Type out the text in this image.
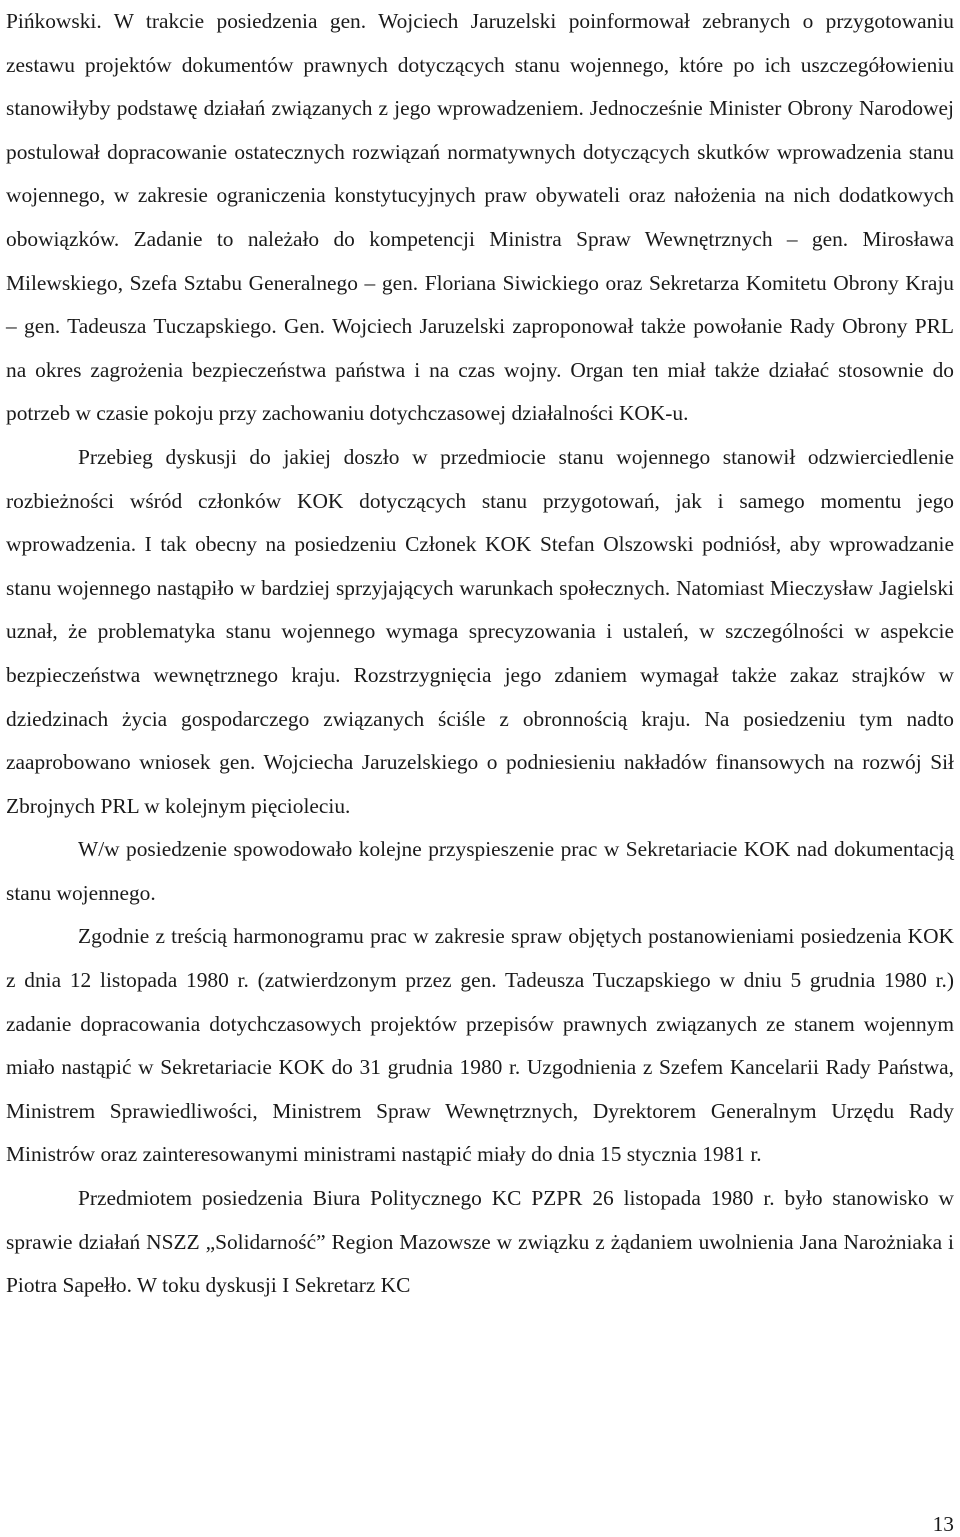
Pińkowski. W trakcie posiedzenia gen. Wojciech Jaruzelski poinformował zebranych o przygotowaniu zestawu projektów dokumentów prawnych dotyczących stanu wojennego, które po ich uszczegółowieniu stanowiłyby podstawę działań związanych z jego wprowadzeniem. Jednocześnie Minister Obrony Narodowej postulował dopracowanie ostatecznych rozwiązań normatywnych dotyczących skutków wprowadzenia stanu wojennego, w zakresie ograniczenia konstytucyjnych praw obywateli oraz nałożenia na nich dodatkowych obowiązków. Zadanie to należało do kompetencji Ministra Spraw Wewnętrznych – gen. Mirosława Milewskiego, Szefa Sztabu Generalnego – gen. Floriana Siwickiego oraz Sekretarza Komitetu Obrony Kraju – gen. Tadeusza Tuczapskiego. Gen. Wojciech Jaruzelski zaproponował także powołanie Rady Obrony PRL na okres zagrożenia bezpieczeństwa państwa i na czas wojny. Organ ten miał także działać stosownie do potrzeb w czasie pokoju przy zachowaniu dotychczasowej działalności KOK-u.

Przebieg dyskusji do jakiej doszło w przedmiocie stanu wojennego stanowił odzwierciedlenie rozbieżności wśród członków KOK dotyczących stanu przygotowań, jak i samego momentu jego wprowadzenia. I tak obecny na posiedzeniu Członek KOK Stefan Olszowski podniósł, aby wprowadzanie stanu wojennego nastąpiło w bardziej sprzyjających warunkach społecznych. Natomiast Mieczysław Jagielski uznał, że problematyka stanu wojennego wymaga sprecyzowania i ustaleń, w szczególności w aspekcie bezpieczeństwa wewnętrznego kraju. Rozstrzygnięcia jego zdaniem wymagał także zakaz strajków w dziedzinach życia gospodarczego związanych ściśle z obronnością kraju. Na posiedzeniu tym nadto zaaprobowano wniosek gen. Wojciecha Jaruzelskiego o podniesieniu nakładów finansowych na rozwój Sił Zbrojnych PRL w kolejnym pięcioleciu.

W/w posiedzenie spowodowało kolejne przyspieszenie prac w Sekretariacie KOK nad dokumentacją stanu wojennego.

Zgodnie z treścią harmonogramu prac w zakresie spraw objętych postanowieniami posiedzenia KOK z dnia 12 listopada 1980 r. (zatwierdzonym przez gen. Tadeusza Tuczapskiego w dniu 5 grudnia 1980 r.) zadanie dopracowania dotychczasowych projektów przepisów prawnych związanych ze stanem wojennym miało nastąpić w Sekretariacie KOK do 31 grudnia 1980 r. Uzgodnienia z Szefem Kancelarii Rady Państwa, Ministrem Sprawiedliwości, Ministrem Spraw Wewnętrznych, Dyrektorem Generalnym Urzędu Rady Ministrów oraz zainteresowanymi ministrami nastąpić miały do dnia 15 stycznia 1981 r.

Przedmiotem posiedzenia Biura Politycznego KC PZPR 26 listopada 1980 r. było stanowisko w sprawie działań NSZZ „Solidarność” Region Mazowsze w związku z żądaniem uwolnienia Jana Narożniaka i Piotra Sapełło. W toku dyskusji I Sekretarz KC

13
